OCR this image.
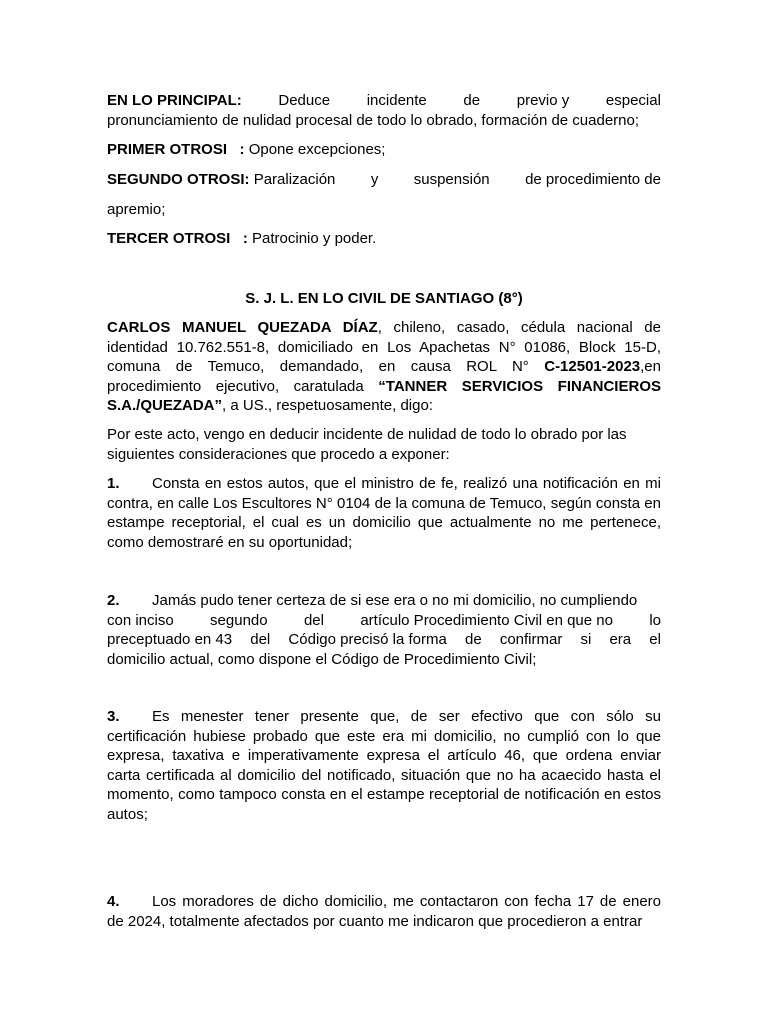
EN LO PRINCIPAL: Deduce incidente de previo y especial
pronunciamiento de nulidad procesal de todo lo obrado, formación de cuaderno;
PRIMER OTROSI : Opone excepciones;
SEGUNDO OTROSI: Paralización y suspensión de procedimiento de
apremio;
TERCER OTROSI : Patrocinio y poder.
S. J. L. EN LO CIVIL DE SANTIAGO (8°)

CARLOS MANUEL QUEZADA DÍAZ, chileno, casado, cédula nacional de identidad 10.762.551-8, domiciliado en Los Apachetas N° 01086, Block 15-D, comuna de Temuco, demandado, en causa ROL N° C-12501-2023,en procedimiento ejecutivo, caratulada “TANNER SERVICIOS FINANCIEROS S.A./QUEZADA”, a US., respetuosamente, digo:

Por este acto, vengo en deducir incidente de nulidad de todo lo obrado por las siguientes consideraciones que procedo a exponer:

1. Consta en estos autos, que el ministro de fe, realizó una notificación en mi contra, en calle Los Escultores N° 0104 de la comuna de Temuco, según consta en estampe receptorial, el cual es un domicilio que actualmente no me pertenece, como demostraré en su oportunidad;

2. Jamás pudo tener certeza de si ese era o no mi domicilio, no cumpliendo
con inciso segundo del artículo Procedimiento Civil en que no lo
preceptuado en 43 del Código precisó la forma de confirmar si era el
domicilio actual, como dispone el Código de Procedimiento Civil;

3. Es menester tener presente que, de ser efectivo que con sólo su certificación hubiese probado que este era mi domicilio, no cumplió con lo que expresa, taxativa e imperativamente expresa el artículo 46, que ordena enviar carta certificada al domicilio del notificado, situación que no ha acaecido hasta el momento, como tampoco consta en el estampe receptorial de notificación en estos autos;

4. Los moradores de dicho domicilio, me contactaron con fecha 17 de enero de 2024, totalmente afectados por cuanto me indicaron que procedieron a entrar
